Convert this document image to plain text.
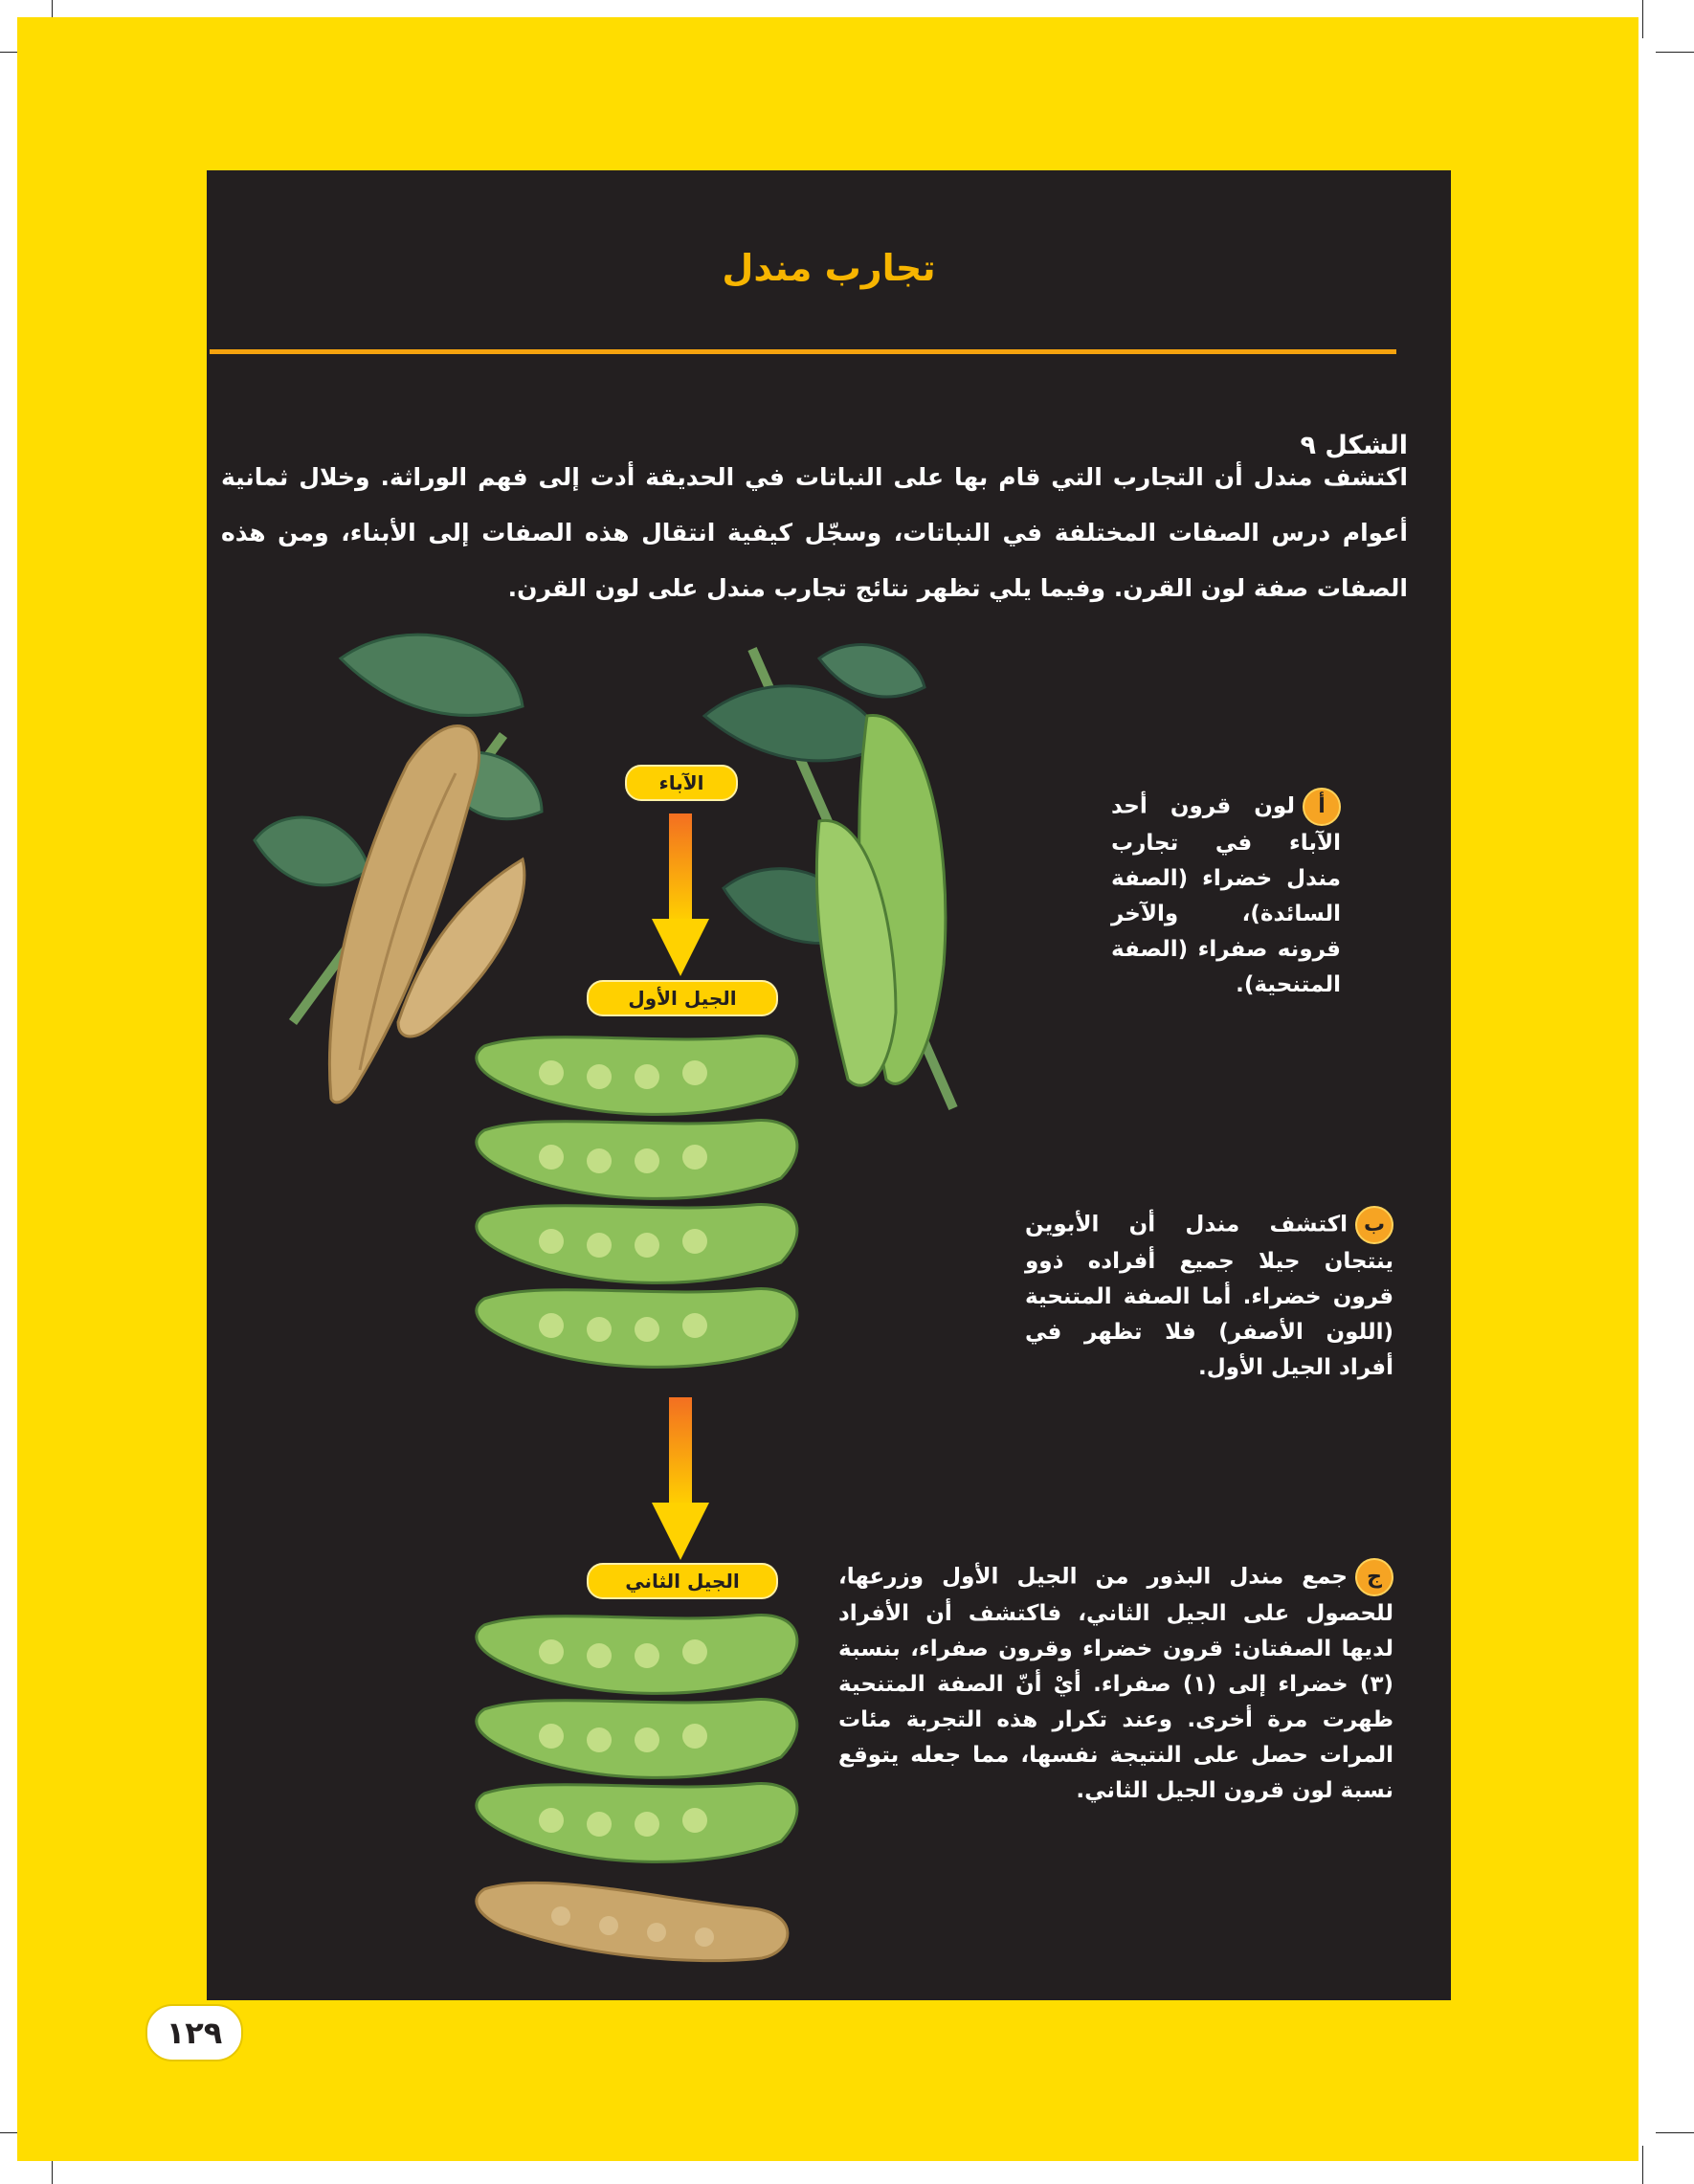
تجارب مندل
الشكل ٩
اكتشف مندل أن التجارب التي قام بها على النباتات في الحديقة أدت إلى فهم الوراثة. وخلال ثمانية أعوام درس الصفات المختلفة في النباتات، وسجّل كيفية انتقال هذه الصفات إلى الأبناء، ومن هذه الصفات صفة لون القرن. وفيما يلي تظهر نتائج تجارب مندل على لون القرن.
الآباء
الجيل الأول
الجيل الثاني
ألون قرون أحد الآباء في تجارب مندل خضراء (الصفة السائدة)، والآخر قرونه صفراء (الصفة المتنحية).
باكتشف مندل أن الأبوين ينتجان جيلا جميع أفراده ذوو قرون خضراء. أما الصفة المتنحية (اللون الأصفر) فلا تظهر في أفراد الجيل الأول.
ججمع مندل البذور من الجيل الأول وزرعها، للحصول على الجيل الثاني، فاكتشف أن الأفراد لديها الصفتان: قرون خضراء وقرون صفراء، بنسبة (٣) خضراء إلى (١) صفراء. أيْ أنّ الصفة المتنحية ظهرت مرة أخرى. وعند تكرار هذه التجربة مئات المرات حصل على النتيجة نفسها، مما جعله يتوقع نسبة لون قرون الجيل الثاني.
١٢٩
